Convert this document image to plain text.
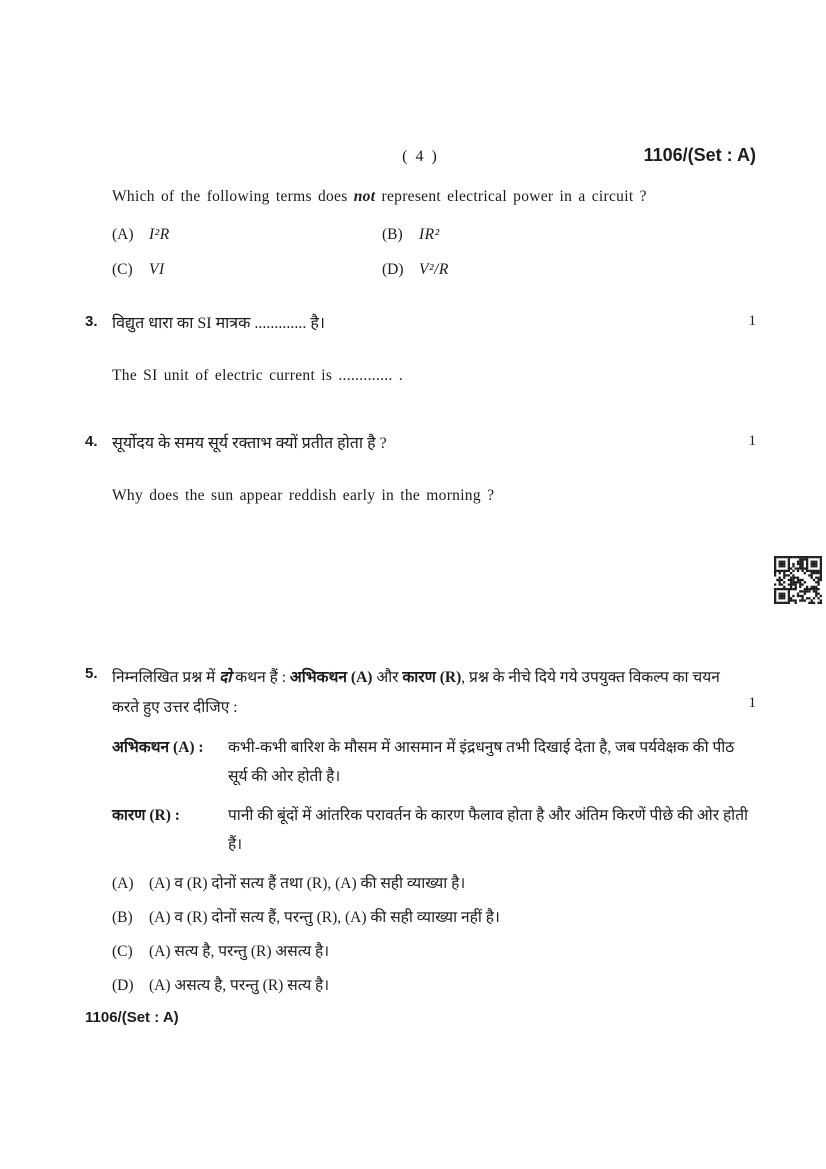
( 4 )	1106/(Set : A)
Which of the following terms does not represent electrical power in a circuit ?
(A) I²R	(B)	IR²
(C)	VI	(D) V²/R
3. विद्युत धारा का SI मात्रक ............. है।	1
The SI unit of electric current is ............. .
4. सूर्योदय के समय सूर्य रक्ताभ क्यों प्रतीत होता है ?	1
Why does the sun appear reddish early in the morning ?
5. निम्नलिखित प्रश्न में दो कथन हैं : अभिकथन (A) और कारण (R), प्रश्न के नीचे दिये गये उपयुक्त विकल्प का चयन करते हुए उत्तर दीजिए :	1
अभिकथन (A) :	कभी-कभी बारिश के मौसम में आसमान में इंद्रधनुष तभी दिखाई देता है, जब पर्यवेक्षक की पीठ सूर्य की ओर होती है।
कारण (R) :	पानी की बूंदों में आंतरिक परावर्तन के कारण फैलाव होता है और अंतिम किरणें पीछे की ओर होती हैं।
(A) (A) व (R) दोनों सत्य हैं तथा (R), (A) की सही व्याख्या है।
(B)	(A) व (R) दोनों सत्य हैं, परन्तु (R), (A) की सही व्याख्या नहीं है।
(C)	(A) सत्य है, परन्तु (R) असत्य है।
(D) (A) असत्य है, परन्तु (R) सत्य है।
1106/(Set : A)
